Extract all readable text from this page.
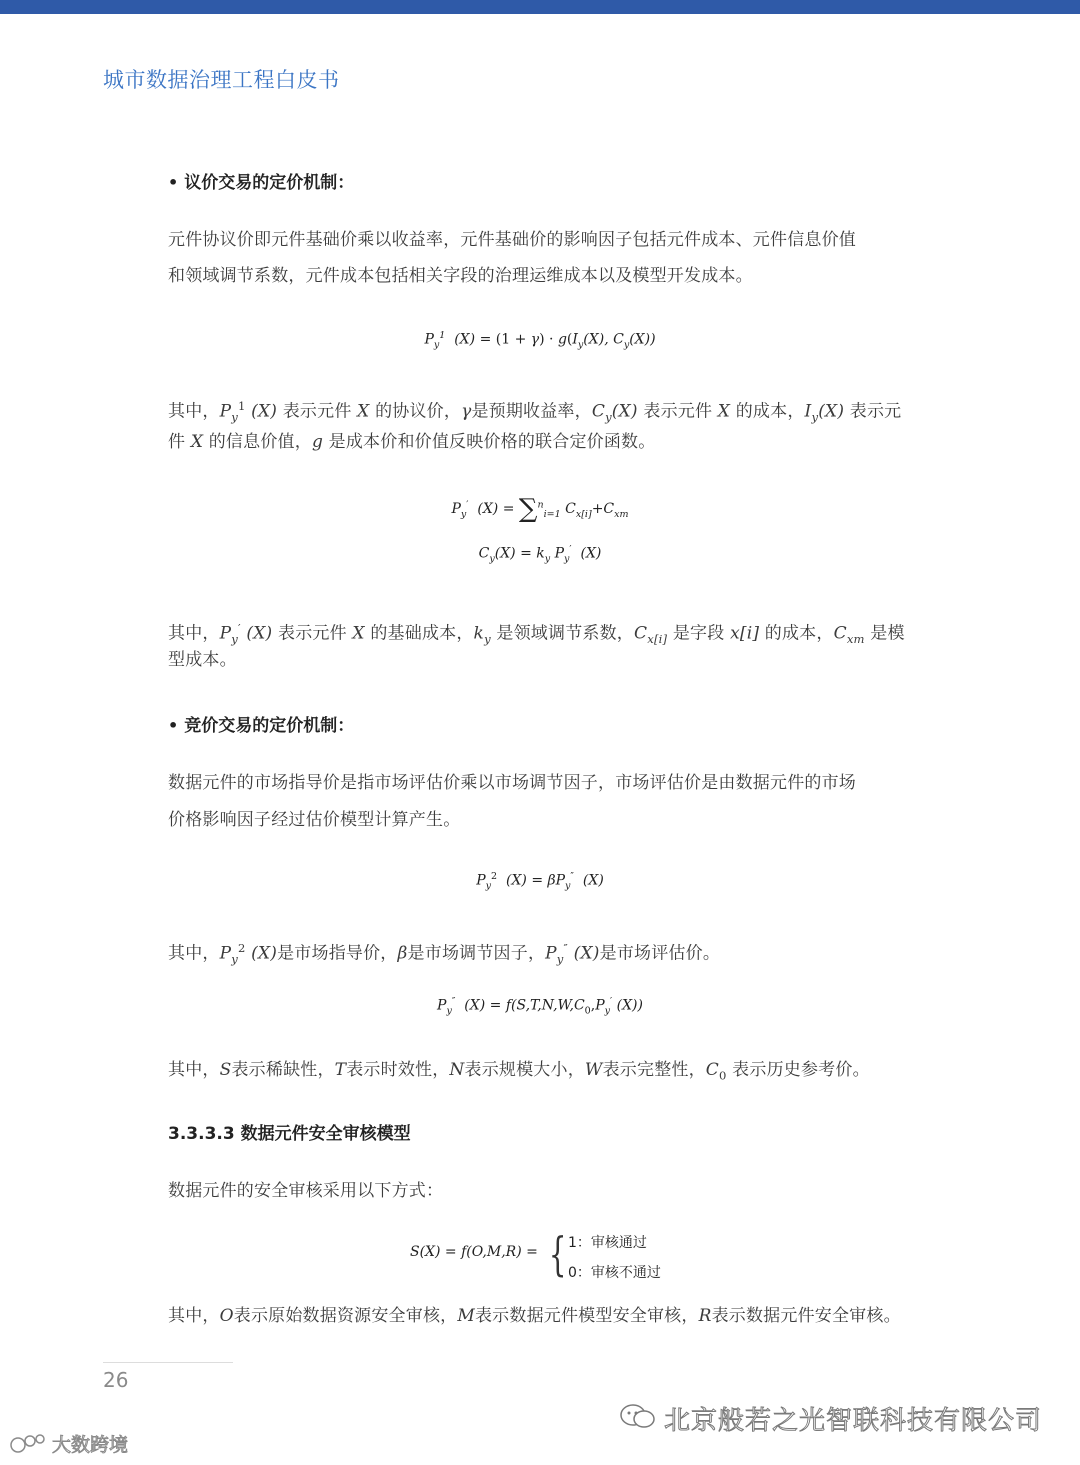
城市数据治理工程白皮书
• 议价交易的定价机制：
元件协议价即元件基础价乘以收益率，元件基础价的影响因子包括元件成本、元件信息价值
和领域调节系数，元件成本包括相关字段的治理运维成本以及模型开发成本。
$P_y^1$ $(X) = (1 + \gamma) \cdot g(I_y(X)$, $C_y(X)$)
其中，$P_y^1$ (X) 表示元件 X 的协议价，γ是预期收益率，$C_y(X)$ 表示元件 X 的成本，$I_y(X)$ 表示元
件 X 的信息价值，g 是成本价和价值反映价格的联合定价函数。
$P_y'$ (X) = ∑$^n_{i=1}$ $C_{x[i]}+C_{xm}$
$C_y(X) = k_y$ $P_y'$ (X)
其中，$P_y'$ (X) 表示元件 X 的基础成本，$k_y$ 是领域调节系数，$C_{x[i]}$ 是字段 x[i] 的成本，$C_{xm}$ 是模
型成本。
• 竞价交易的定价机制：
数据元件的市场指导价是指市场评估价乘以市场调节因子，市场评估价是由数据元件的市场
价格影响因子经过估价模型计算产生。
$P_y^2$ $(X) = \beta P_y''$ (X)
其中，$P_y^2$ (X)是市场指导价，β是市场调节因子，$P_y''$ (X)是市场评估价。
$P_y''$ $(X) = f(S,T,N,W,C_0,P_y'$ (X))
其中，S表示稀缺性，T表示时效性，N表示规模大小，W表示完整性，$C_0$ 表示历史参考价。
3.3.3.3 数据元件安全审核模型
数据元件的安全审核采用以下方式：
S(X) = f(O,M,R) = { 1：审核通过
0：审核不通过
其中，O表示原始数据资源安全审核，M表示数据元件模型安全审核，R表示数据元件安全审核。
26
北京般若之光智联科技有限公司
大数跨境
